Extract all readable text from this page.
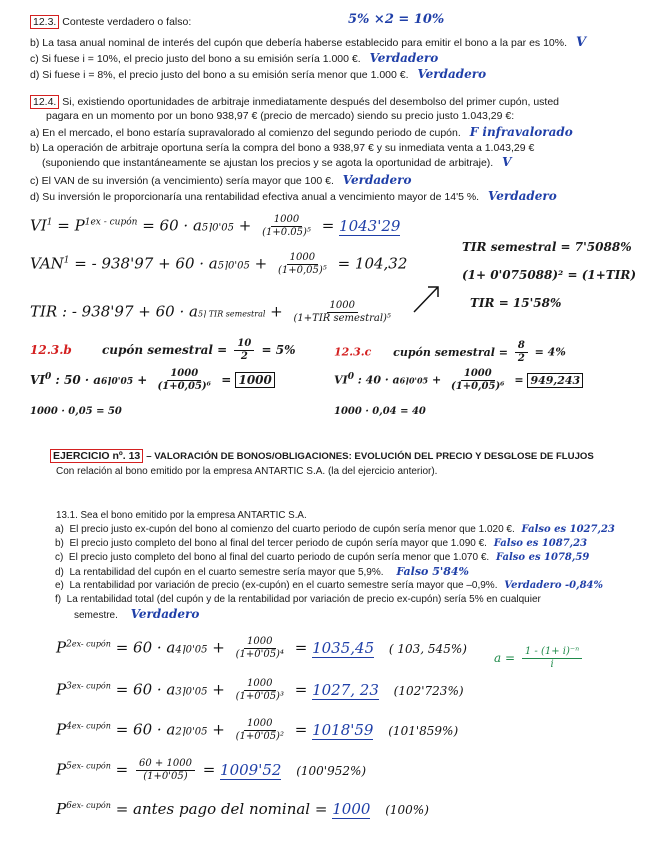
12.3. Conteste verdadero o falso:	5% ×2 = 10%
b) La tasa anual nominal de interés del cupón que debería haberse establecido para emitir el bono a la par es 10%. V
c) Si fuese i = 10%, el precio justo del bono a su emisión sería 1.000 €. Verdadero
d) Si fuese i = 8%, el precio justo del bono a su emisión sería menor que 1.000 €. Verdadero
12.4. Si, existiendo oportunidades de arbitraje inmediatamente después del desembolso del primer cupón, usted
pagara en un momento por un bono 938,97 € (precio de mercado) siendo su precio justo 1.043,29 €:
a) En el mercado, el bono estaría supravalorado al comienzo del segundo periodo de cupón. F infravalorado
b) La operación de arbitraje oportuna sería la compra del bono a 938,97 € y su inmediata venta a 1.043,29 €
(suponiendo que instantáneamente se ajustan los precios y se agota la oportunidad de arbitraje). V
c) El VAN de su inversión (a vencimiento) sería mayor que 100 €. Verdadero
d) Su inversión le proporcionaría una rentabilidad efectiva anual a vencimiento mayor de 14'5 %. Verdadero
$VI^1 = P^{1ex - cupón} = 60$ · a5⌉0'05 + $\frac{1000}{\text{(1+0.05)⁵}} = 1043'29$
$VAN^1$ = - 938'97 + 60 · a5⌉0'05 + $\frac{1000}{\text{(1+0,05)⁵}} = 104,32$
TIR : - 938'97 + 60 · a5⌉ TIR semestral + $\frac{1000}{\text{(1+TIR semestral)⁵}}$
TIR semestral = 7'5088%
(1+ 0'075088)² = (1+TIR)
TIR = 15'58%
12.3.b	cupón semestral = $\frac{10}{2} = 5\%$
$VI^0$ : 50 · a6⌉0'05 + $\frac{1000}{\text{(1+0,05)⁶}} = 1000$
1000 · 0,05 = 50
12.3.c cupón semestral = $\frac{8}{2} = 4\%$
$VI^0$ : 40 · a6⌉0'05 + $\frac{1000}{\text{(1+0,05)⁶}} = 949,243$
1000 · 0,04 = 40
EJERCICIO nº. 13 – VALORACIÓN DE BONOS/OBLIGACIONES: EVOLUCIÓN DEL PRECIO Y DESGLOSE DE FLUJOS
Con relación al bono emitido por la empresa ANTARTIC S.A. (la del ejercicio anterior).
13.1. Sea el bono emitido por la empresa ANTARTIC S.A.
a) El precio justo ex-cupón del bono al comienzo del cuarto periodo de cupón sería menor que 1.020 €. Falso es 1027,23
b) El precio justo completo del bono al final del tercer periodo de cupón sería mayor que 1.090 €. Falso es 1087,23
c) El precio justo completo del bono al final del cuarto periodo de cupón sería menor que 1.070 €. Falso es 1078,59
d) La rentabilidad del cupón en el cuarto semestre sería mayor que 5,9%. Falso 5'84%
e) La rentabilidad por variación de precio (ex-cupón) en el cuarto semestre sería mayor que –0,9%. Verdadero -0,84%
f) La rentabilidad total (del cupón y de la rentabilidad por variación de precio ex-cupón) sería 5% en cualquier
semestre. Verdadero
$P^{2ex- cupón} = 60$ · a4⌉0'05 + $\frac{1000}{\text{(1+0'05)⁴}} = 1035,45$ ( 103, 545%)
$a = \frac{\text{1 - (1+ i)⁻ⁿ}}{i}$
$P^{3ex- cupón} = 60$ · a3⌉0'05 + $\frac{1000}{\text{(1+0'05)³}} = 1027$, 23 (102'723%)
$P^{4ex- cupón} = 60$ · a2⌉0'05 + $\frac{1000}{\text{(1+0'05)²}} = 1018'59$ (101'859%)
$P^{5ex- cupón} = \frac{60 + 1000}{(1+0'05)} = 1009'52$ (100'952%)
$P^{6ex- cupón}$ = antes pago del nominal = 1000 (100%)
